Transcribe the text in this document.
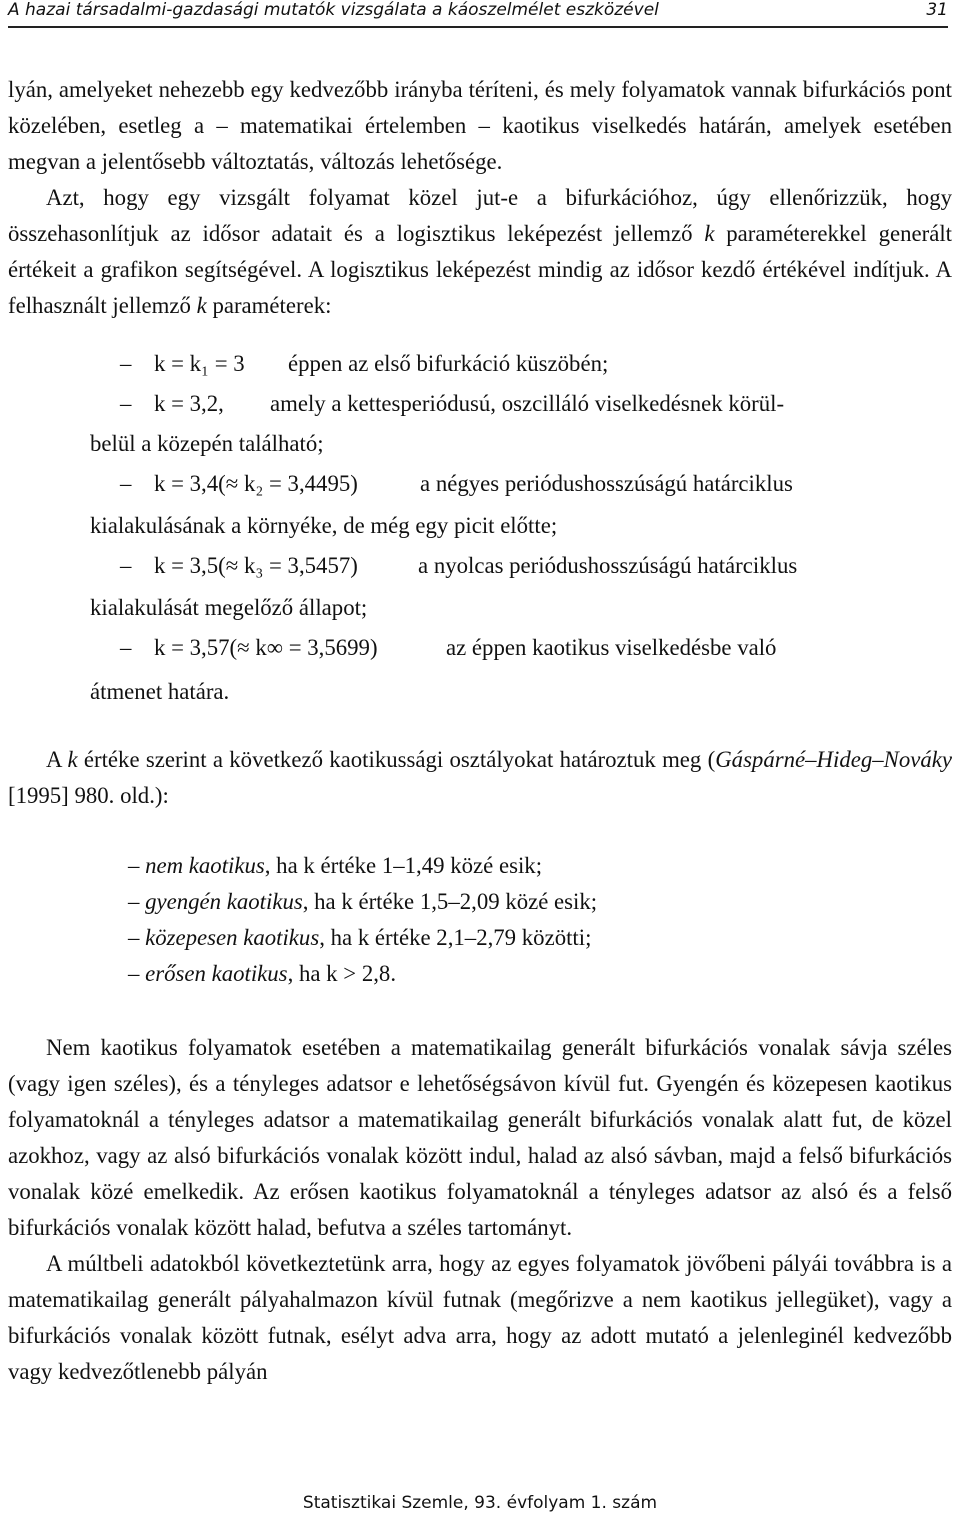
A hazai társadalmi-gazdasági mutatók vizsgálata a káoszelmélet eszközével	31

lyán, amelyeket nehezebb egy kedvezőbb irányba téríteni, és mely folyamatok vannak bifurkációs pont közelében, esetleg a – matematikai értelemben – kaotikus viselkedés határán, amelyek esetében megvan a jelentősebb változtatás, változás lehetősége.

Azt, hogy egy vizsgált folyamat közel jut-e a bifurkációhoz, úgy ellenőrizzük, hogy összehasonlítjuk az idősor adatait és a logisztikus leképezést jellemző k paraméterekkel generált értékeit a grafikon segítségével. A logisztikus leképezést mindig az idősor kezdő értékével indítjuk. A felhasznált jellemző k paraméterek:

– k = k₁ = 3 éppen az első bifurkáció küszöbén;
– k = 3,2, amely a kettesperiódusú, oszcilláló viselkedésnek körül-
belül a közepén található;
– k = 3,4(≈ k₂ = 3,4495)	a négyes periódushosszúságú határciklus
kialakulásának a környéke, de még egy picit előtte;
– k = 3,5(≈ k₃ = 3,5457)	a nyolcas periódushosszúságú határciklus
kialakulását megelőző állapot;
– k = 3,57(≈ k∞ = 3,5699)	az éppen kaotikus viselkedésbe való
átmenet határa.

A k értéke szerint a következő kaotikussági osztályokat határoztuk meg (Gáspárné–Hideg–Nováky [1995] 980. old.):

– nem kaotikus, ha k értéke 1–1,49 közé esik;
– gyengén kaotikus, ha k értéke 1,5–2,09 közé esik;
– közepesen kaotikus, ha k értéke 2,1–2,79 közötti;
– erősen kaotikus, ha k > 2,8.

Nem kaotikus folyamatok esetében a matematikailag generált bifurkációs vonalak sávja széles (vagy igen széles), és a tényleges adatsor e lehetőségsávon kívül fut. Gyengén és közepesen kaotikus folyamatoknál a tényleges adatsor a matematikailag generált bifurkációs vonalak alatt fut, de közel azokhoz, vagy az alsó bifurkációs vonalak között indul, halad az alsó sávban, majd a felső bifurkációs vonalak közé emelkedik. Az erősen kaotikus folyamatoknál a tényleges adatsor az alsó és a felső bifurkációs vonalak között halad, befutva a széles tartományt.

A múltbeli adatokból következtetünk arra, hogy az egyes folyamatok jövőbeni pályái továbbra is a matematikailag generált pályahalmazon kívül futnak (megőrizve a nem kaotikus jellegüket), vagy a bifurkációs vonalak között futnak, esélyt adva arra, hogy az adott mutató a jelenleginél kedvezőbb vagy kedvezőtlenebb pályán

Statisztikai Szemle, 93. évfolyam 1. szám
